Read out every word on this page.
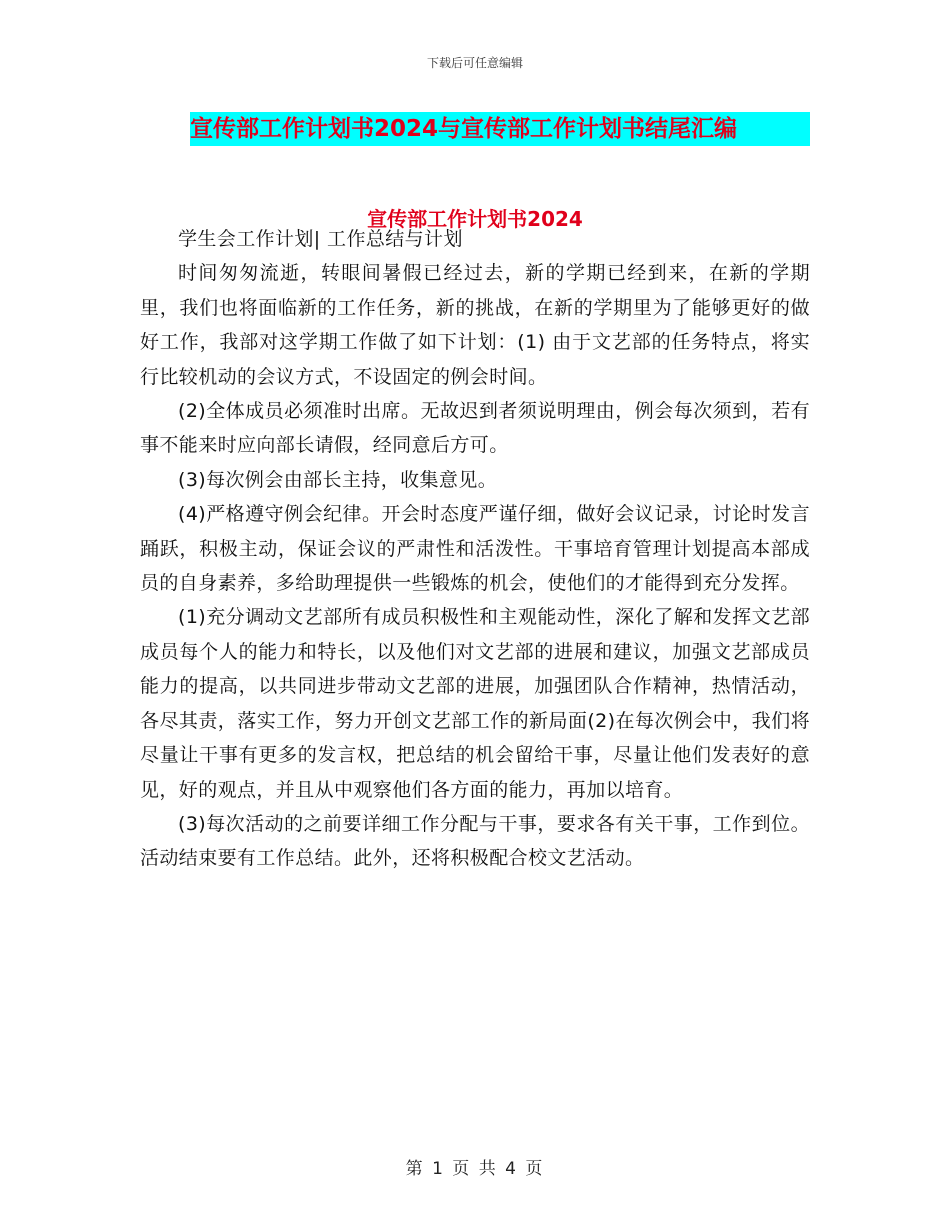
下载后可任意编辑
宣传部工作计划书2024与宣传部工作计划书结尾汇编
宣传部工作计划书2024

学生会工作计划| 工作总结与计划

时间匆匆流逝，转眼间暑假已经过去，新的学期已经到来，在新的学期里，我们也将面临新的工作任务，新的挑战，在新的学期里为了能够更好的做好工作，我部对这学期工作做了如下计划：(1) 由于文艺部的任务特点，将实行比较机动的会议方式，不设固定的例会时间。

(2)全体成员必须准时出席。无故迟到者须说明理由，例会每次须到，若有事不能来时应向部长请假，经同意后方可。

(3)每次例会由部长主持，收集意见。

(4)严格遵守例会纪律。开会时态度严谨仔细，做好会议记录，讨论时发言踊跃，积极主动，保证会议的严肃性和活泼性。干事培育管理计划提高本部成员的自身素养，多给助理提供一些锻炼的机会，使他们的才能得到充分发挥。

(1)充分调动文艺部所有成员积极性和主观能动性，深化了解和发挥文艺部成员每个人的能力和特长，以及他们对文艺部的进展和建议，加强文艺部成员能力的提高，以共同进步带动文艺部的进展，加强团队合作精神，热情活动，各尽其责，落实工作，努力开创文艺部工作的新局面(2)在每次例会中，我们将尽量让干事有更多的发言权，把总结的机会留给干事，尽量让他们发表好的意见，好的观点，并且从中观察他们各方面的能力，再加以培育。

(3)每次活动的之前要详细工作分配与干事，要求各有关干事，工作到位。活动结束要有工作总结。此外，还将积极配合校文艺活动。

第 1 页 共 4 页
